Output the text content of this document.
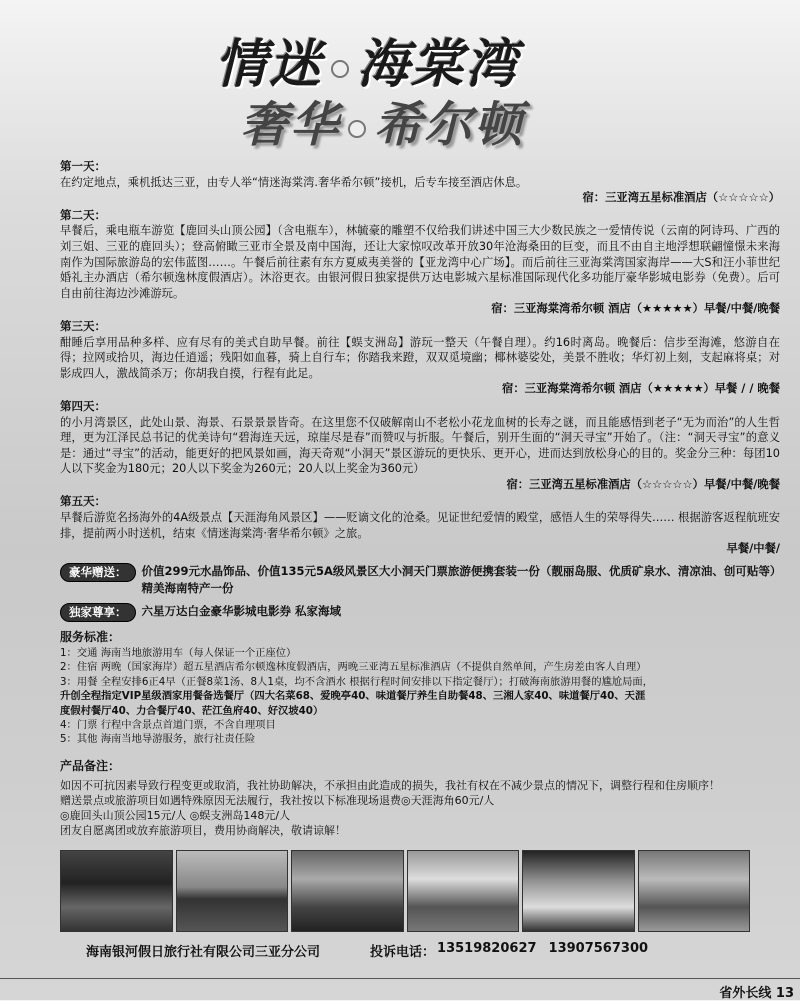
情迷 海棠湾
奢华 希尔顿
第一天：
在约定地点，乘机抵达三亚，由专人举“情迷海棠湾.奢华希尔顿”接机，后专车接至酒店休息。
宿：三亚湾五星标准酒店（☆☆☆☆☆）
第二天：
早餐后，乘电瓶车游览【鹿回头山顶公园】（含电瓶车），林毓豪的雕塑不仅给我们讲述中国三大少数民族之一爱情传说（云南的阿诗玛、广西的刘三姐、三亚的鹿回头）；登高俯瞰三亚市全景及南中国海，还让大家惊叹改革开放30年沧海桑田的巨变，而且不由自主地浮想联翩憧憬未来海南作为国际旅游岛的宏伟蓝图……。午餐后前往素有东方夏威夷美誉的【亚龙湾中心广场】。而后前往三亚海棠湾国家海岸——大S和汪小菲世纪婚礼主办酒店（希尔顿逸林度假酒店）。沐浴更衣。由银河假日独家提供万达电影城六星标准国际现代化多功能厅豪华影城电影券（免费）。后可自由前往海边沙滩游玩。
宿：三亚海棠湾希尔顿 酒店（★★★★★）早餐/中餐/晚餐
第三天：
酣睡后享用品种多样、应有尽有的美式自助早餐。前往【蜈支洲岛】游玩一整天（午餐自理）。约16时离岛。晚餐后：信步至海滩，悠游自在得；拉网或拾贝，海边任逍遥；残阳如血暮，骑上自行车；你踏我来蹬，双双觅境幽；椰林婆娑处，美景不胜收；华灯初上刻，支起麻将桌；对影成四人，激战简杀万；你胡我自摸，行程有此足。
宿：三亚海棠湾希尔顿 酒店（★★★★★）早餐 / / 晚餐
第四天：
的小月湾景区，此处山景、海景、石景景景皆奇。在这里您不仅破解南山不老松小花龙血树的长寿之谜，而且能感悟到老子“无为而治”的人生哲理，更为江泽民总书记的优美诗句“碧海连天远，琼崖尽是春”而赞叹与折服。午餐后，别开生面的“洞天寻宝”开始了。（注：“洞天寻宝”的意义是：通过“寻宝”的活动，能更好的把风景如画，海天奇观“小洞天”景区游玩的更快乐、更开心，进而达到放松身心的目的。奖金分三种：每团10人以下奖金为180元；20人以下奖金为260元；20人以上奖金为360元）
宿：三亚湾五星标准酒店（☆☆☆☆☆）早餐/中餐/晚餐
第五天：
早餐后游览名扬海外的4A级景点【天涯海角风景区】——贬谪文化的沧桑。见证世纪爱情的殿堂，感悟人生的荣辱得失…… 根据游客返程航班安排，提前两小时送机，结束《情迷海棠湾·奢华希尔顿》之旅。
早餐/中餐/
豪华赠送：	价值299元水晶饰品、价值135元5A级风景区大小洞天门票旅游便携套装一份（靓丽岛服、优质矿泉水、清凉油、创可贴等）精美海南特产一份
独家尊享：	六星万达白金豪华影城电影券 私家海域
服务标准：
1：交通 海南当地旅游用车（每人保证一个正座位）
2：住宿 两晚（国家海岸）超五星酒店希尔顿逸林度假酒店，两晚三亚湾五星标准酒店（不提供自然单间，产生房差由客人自理）
3：用餐 全程安排6正4早（正餐8菜1汤、8人1桌，均不含酒水 根据行程时间安排以下指定餐厅）；打破海南旅游用餐的尴尬局面，
升创全程指定VIP星级酒家用餐备选餐厅（四大名菜68、爱晚亭40、味道餐厅养生自助餐48、三湘人家40、味道餐厅40、天涯
度假村餐厅40、力合餐厅40、茫江鱼府40、好汉坡40）
4：门票 行程中含景点首道门票，不含自理项目
5：其他 海南当地导游服务，旅行社责任险
产品备注：
如因不可抗因素导致行程变更或取消，我社协助解决，不承担由此造成的损失，我社有权在不减少景点的情况下，调整行程和住房顺序！
赠送景点或旅游项目如遇特殊原因无法履行，我社按以下标准现场退费◎天涯海角60元/人
◎鹿回头山顶公园15元/人 ◎蜈支洲岛148元/人
团友自愿离团或放弃旅游项目，费用协商解决，敬请谅解！
海南银河假日旅行社有限公司三亚分公司	投诉电话： 13519820627 13907567300
省外长线 13
